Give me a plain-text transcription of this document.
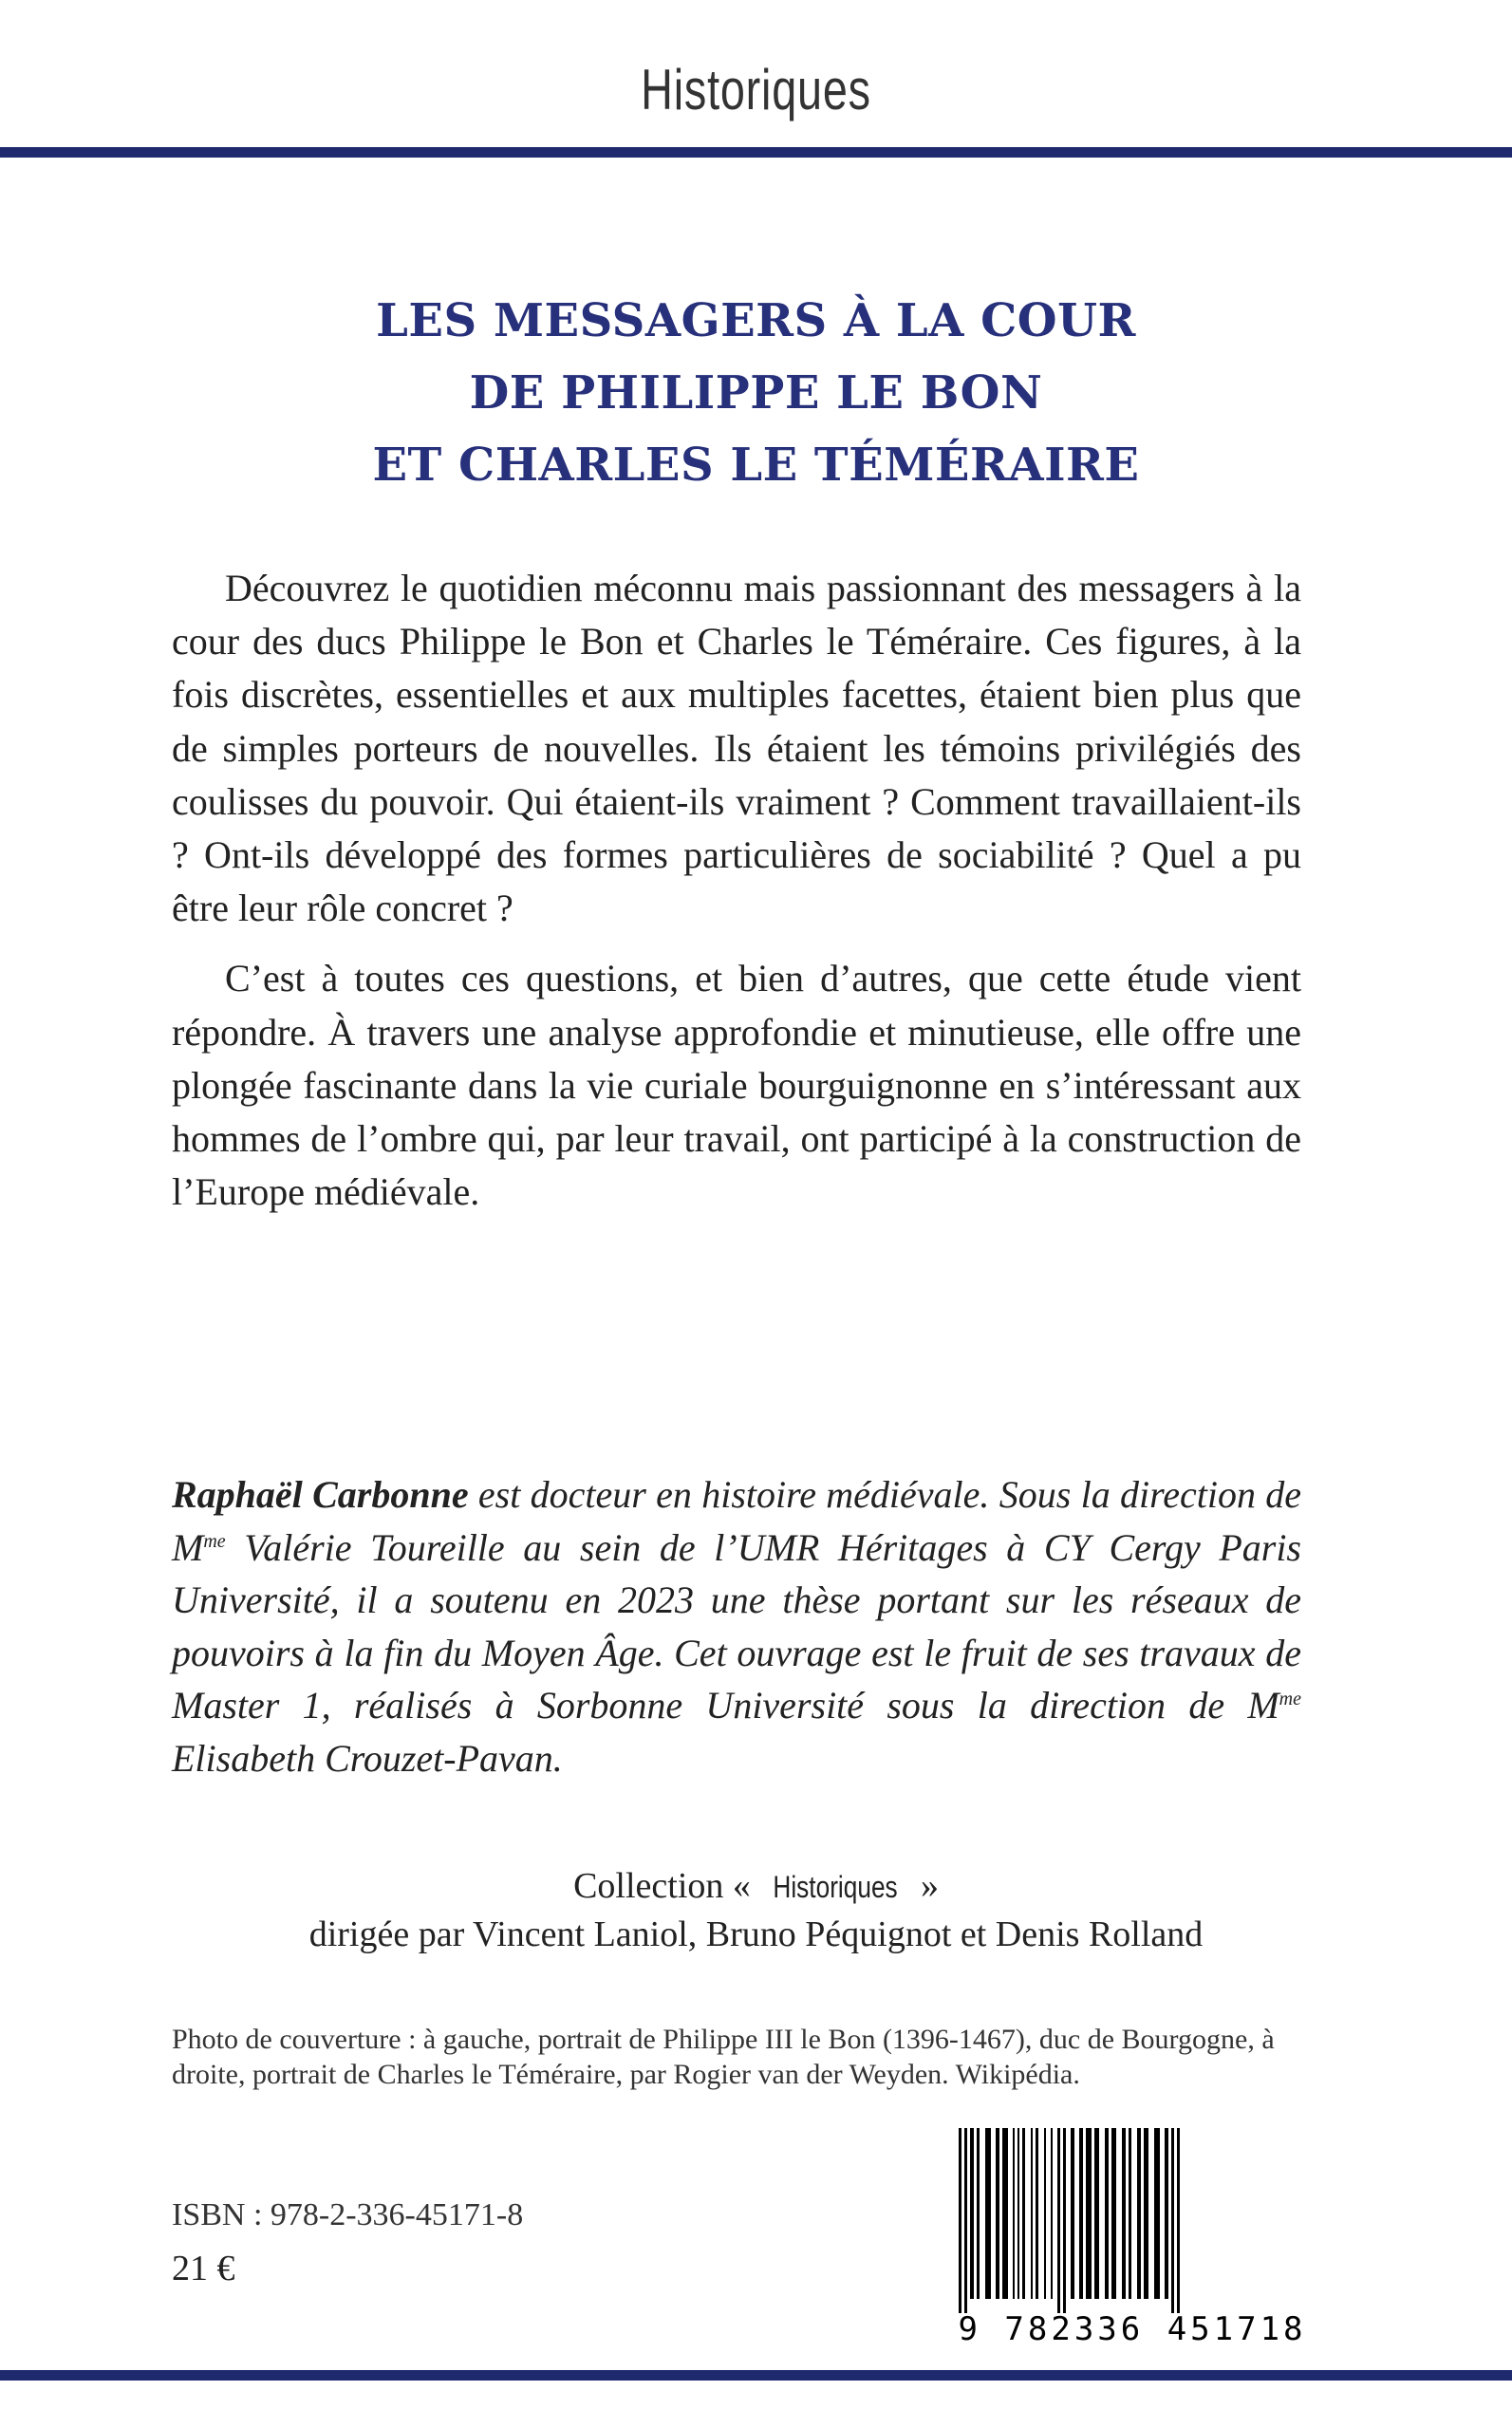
Historiques
LES MESSAGERS À LA COUR
DE PHILIPPE LE BON
ET CHARLES LE TÉMÉRAIRE

Découvrez le quotidien méconnu mais passionnant des messagers à la cour des ducs Philippe le Bon et Charles le Téméraire. Ces figures, à la fois discrètes, essentielles et aux multiples facettes, étaient bien plus que de simples porteurs de nouvelles. Ils étaient les témoins privilégiés des coulisses du pouvoir. Qui étaient-ils vraiment ? Comment travaillaient-ils ? Ont-ils développé des formes particulières de sociabilité ? Quel a pu être leur rôle concret ?

C’est à toutes ces questions, et bien d’autres, que cette étude vient répondre. À travers une analyse approfondie et minutieuse, elle offre une plongée fascinante dans la vie curiale bourguignonne en s’intéressant aux hommes de l’ombre qui, par leur travail, ont participé à la construction de l’Europe médiévale.

Raphaël Carbonne est docteur en histoire médiévale. Sous la direction de $M^{me}$ Valérie Toureille au sein de l’UMR Héritages à CY Cergy Paris Université, il a soutenu en 2023 une thèse portant sur les réseaux de pouvoirs à la fin du Moyen Âge. Cet ouvrage est le fruit de ses travaux de Master 1, réalisés à Sorbonne Université sous la direction de $M^{me}$ Elisabeth Crouzet-Pavan.
Collection « Historiques »
dirigée par Vincent Laniol, Bruno Péquignot et Denis Rolland
Photo de couverture : à gauche, portrait de Philippe III le Bon (1396-1467), duc de Bourgogne, à droite, portrait de Charles le Téméraire, par Rogier van der Weyden. Wikipédia.
ISBN : 978-2-336-45171-8
21 €
9 782336 451718
